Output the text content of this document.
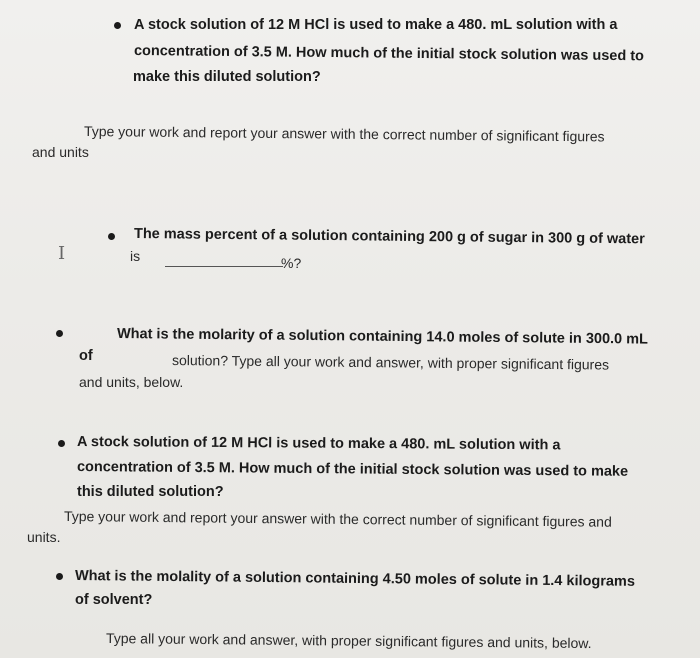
A stock solution of 12 M HCl is used to make a 480. mL solution with a
concentration of 3.5 M. How much of the initial stock solution was used to
make this diluted solution?
Type your work and report your answer with the correct number of significant figures
and units
The mass percent of a solution containing 200 g of sugar in 300 g of water
is	%?
I
What is the molarity of a solution containing 14.0 moles of solute in 300.0 mL
of	solution? Type all your work and answer, with proper significant figures
and units, below.
A stock solution of 12 M HCl is used to make a 480. mL solution with a
concentration of 3.5 M. How much of the initial stock solution was used to make
this diluted solution?
Type your work and report your answer with the correct number of significant figures and
units.
What is the molality of a solution containing 4.50 moles of solute in 1.4 kilograms
of solvent?
Type all your work and answer, with proper significant figures and units, below.
